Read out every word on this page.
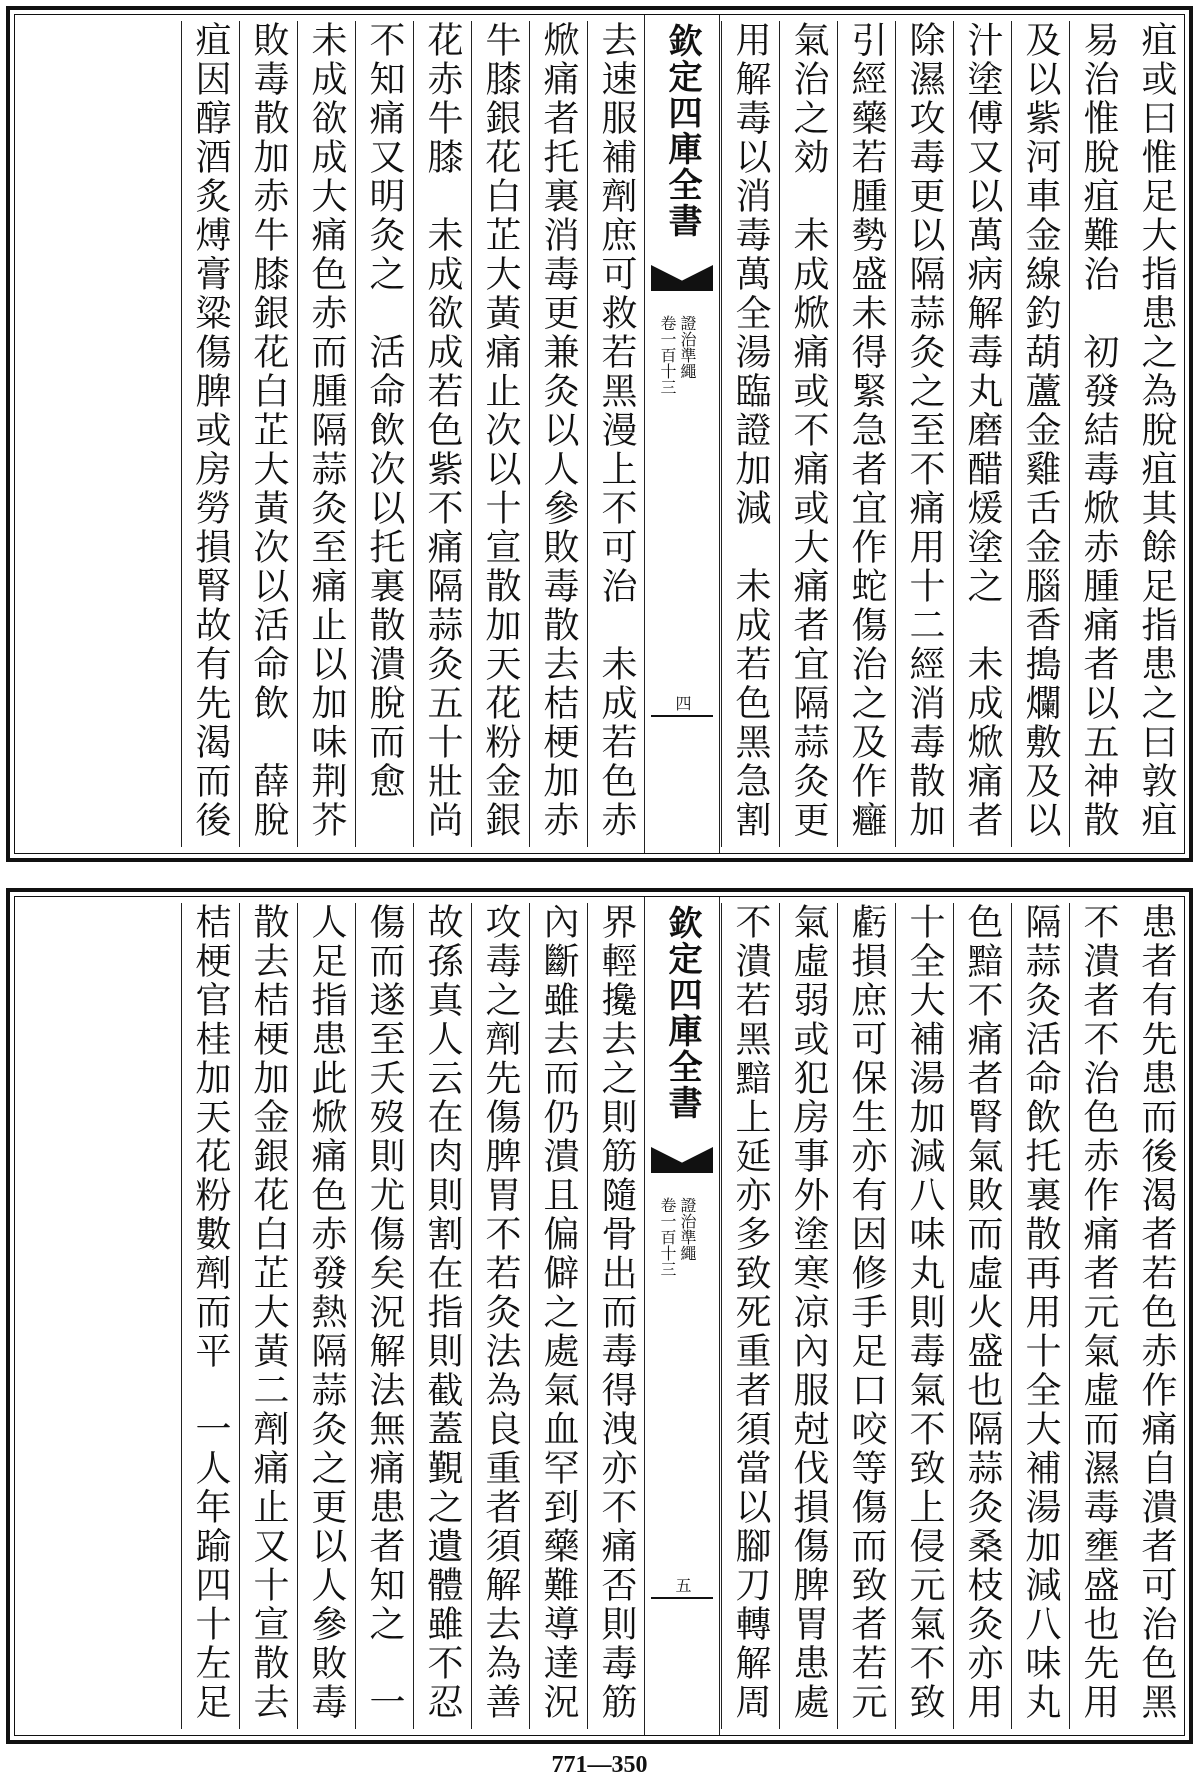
疽或曰惟足大指患之為脫疽其餘足指患之曰敦疽
易治惟脫疽難治　初發結毒焮赤腫痛者以五神散
及以紫河車金線釣葫蘆金雞舌金腦香搗爛敷及以
汁塗傅又以萬病解毒丸磨醋煖塗之　未成焮痛者
除濕攻毒更以隔蒜灸之至不痛用十二經消毒散加
引經藥若腫勢盛未得緊急者宜作蛇傷治之及作癰
氣治之効　未成焮痛或不痛或大痛者宜隔蒜灸更
用解毒以消毒萬全湯臨證加減　未成若色黑急割
欽定四庫全書
證治準繩
卷一百十三
四
去速服補劑庶可救若黑漫上不可治　未成若色赤
焮痛者托裏消毒更兼灸以人參敗毒散去桔梗加赤
牛膝銀花白芷大黃痛止次以十宣散加天花粉金銀
花赤牛膝　未成欲成若色紫不痛隔蒜灸五十壯尚
不知痛又明灸之　活命飲次以托裏散潰脫而愈
未成欲成大痛色赤而腫隔蒜灸至痛止以加味荆芥
敗毒散加赤牛膝銀花白芷大黃次以活命飲　薛脫
疽因醇酒炙煿膏粱傷脾或房勞損腎故有先渴而後
患者有先患而後渴者若色赤作痛自潰者可治色黑
不潰者不治色赤作痛者元氣虛而濕毒壅盛也先用
隔蒜灸活命飲托裏散再用十全大補湯加減八味丸
色黯不痛者腎氣敗而虛火盛也隔蒜灸桑枝灸亦用
十全大補湯加減八味丸則毒氣不致上侵元氣不致
虧損庶可保生亦有因修手足口咬等傷而致者若元
氣虛弱或犯房事外塗寒凉內服尅伐損傷脾胃患處
不潰若黑黯上延亦多致死重者須當以腳刀轉解周
欽定四庫全書
證治準繩
卷一百十三
五
界輕攙去之則筋隨骨出而毒得洩亦不痛否則毒筋
內斷雖去而仍潰且偏僻之處氣血罕到藥難導達況
攻毒之劑先傷脾胃不若灸法為良重者須解去為善
故孫真人云在肉則割在指則截蓋覲之遺體雖不忍
傷而遂至夭歿則尤傷矣況解法無痛患者知之　一
人足指患此焮痛色赤發熱隔蒜灸之更以人參敗毒
散去桔梗加金銀花白芷大黃二劑痛止又十宣散去
桔梗官桂加天花粉數劑而平　一人年踰四十左足
771—350
